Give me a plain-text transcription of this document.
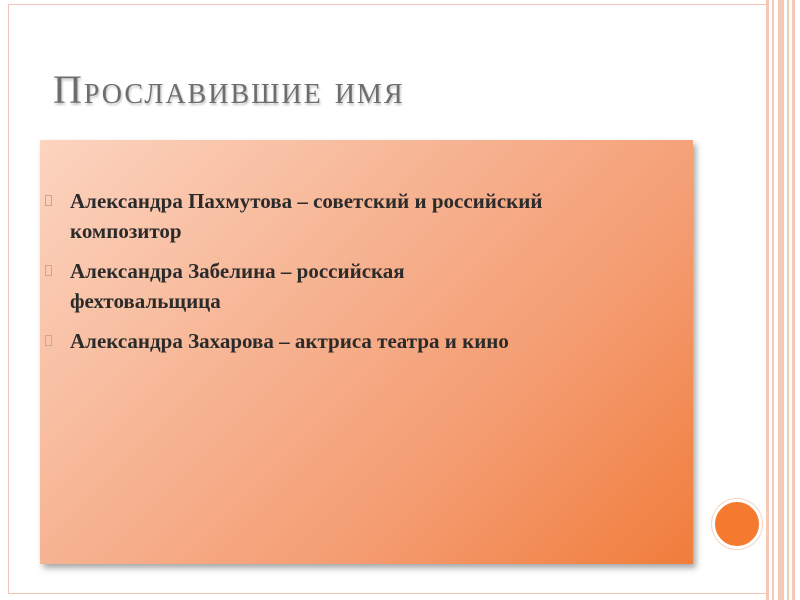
Прославившие имя
Александра Пахмутова – советский и российский
композитор
Александра Забелина – российская
фехтовальщица
Александра Захарова – актриса театра и кино
